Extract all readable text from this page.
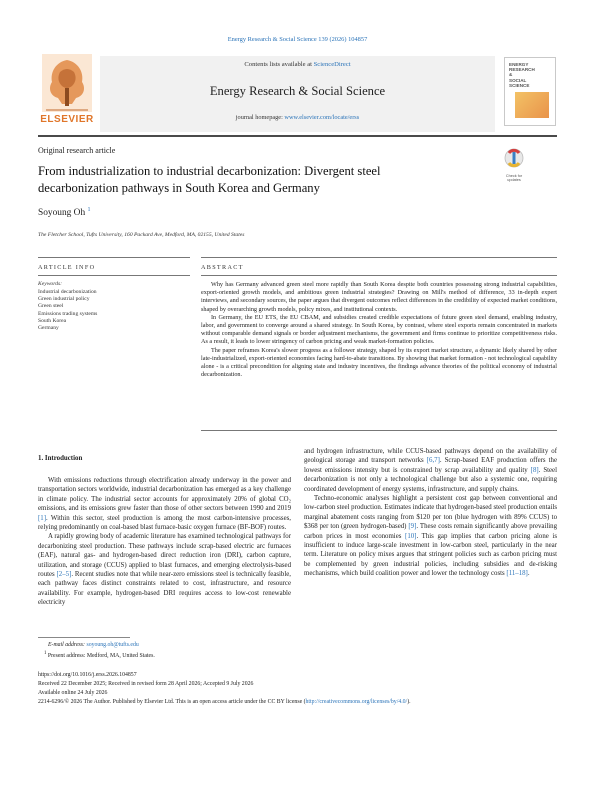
Energy Research & Social Science 139 (2026) 104857
ELSEVIER
Contents lists available at ScienceDirect
Energy Research & Social Science
journal homepage: www.elsevier.com/locate/erss
ENERGY
RESEARCH
&
SOCIAL
SCIENCE
Original research article
From industrialization to industrial decarbonization: Divergent steel
decarbonization pathways in South Korea and Germany
Check for
updates
Soyoung Oh $^1$
The Fletcher School, Tufts University, 160 Packard Ave, Medford, MA, 02155, United States
ARTICLE INFO	ABSTRACT
Keywords:
Industrial decarbonization
Green industrial policy
Green steel
Emissions trading systems
South Korea
Germany

Why has Germany advanced green steel more rapidly than South Korea despite both countries possessing strong industrial capabilities, export-oriented growth models, and ambitious green industrial strategies? Drawing on Mill's method of difference, 33 in-depth expert interviews, and secondary sources, the paper argues that divergent outcomes reflect differences in the credibility of expected market conditions, shaped by overarching growth models, policy mixes, and institutional contexts.

In Germany, the EU ETS, the EU CBAM, and subsidies created credible expectations of future green steel demand, enabling industry, labor, and government to converge around a shared strategy. In South Korea, by contrast, where steel exports remain concentrated in markets without comparable demand signals or border adjustment mechanisms, the government and firms continue to prioritize competitiveness risks. As a result, it leads to lower stringency of carbon pricing and weak market-formation policies.

The paper reframes Korea's slower progress as a follower strategy, shaped by its export market structure, a dynamic likely shared by other late-industrialized, export-oriented economies facing hard-to-abate transitions. By showing that market formation - not technological capability alone - is a critical precondition for aligning state and industry incentives, the findings advance theories of the political economy of industrial decarbonization.

1. Introduction

With emissions reductions through electrification already underway in the power and transportation sectors worldwide, industrial decarbonization has emerged as a key challenge in climate policy. The industrial sector accounts for approximately 20% of global CO₂ emissions, and its emissions grew faster than those of other sectors between 1990 and 2019 [1]. Within this sector, steel production is among the most carbon-intensive processes, relying predominantly on coal-based blast furnace-basic oxygen furnace (BF-BOF) routes.

A rapidly growing body of academic literature has examined technological pathways for decarbonizing steel production. These pathways include scrap-based electric arc furnaces (EAF), natural gas- and hydrogen-based direct reduction iron (DRI), carbon capture, utilization, and storage (CCUS) applied to blast furnaces, and emerging electrolysis-based routes [2–5]. Recent studies note that while near-zero emissions steel is technically feasible, each pathway faces distinct constraints related to cost, infrastructure, and resource availability. For example, hydrogen-based DRI requires access to low-cost renewable electricity

and hydrogen infrastructure, while CCUS-based pathways depend on the availability of geological storage and transport networks [6,7]. Scrap-based EAF production offers the lowest emissions intensity but is constrained by scrap availability and quality [8]. Steel decarbonization is not only a technological challenge but also a systemic one, requiring coordinated development of energy systems, infrastructure, and supply chains.

Techno-economic analyses highlight a persistent cost gap between conventional and low-carbon steel production. Estimates indicate that hydrogen-based steel production entails marginal abatement costs ranging from $120 per ton (blue hydrogen with 89% CCUS) to $368 per ton (green hydrogen-based) [9]. These costs remain significantly above prevailing carbon prices in most economies [10]. This gap implies that carbon pricing alone is insufficient to induce large-scale investment in low-carbon steel, particularly in the near term. Literature on policy mixes argues that stringent policies such as carbon pricing must be complemented by green industrial policies, including subsidies and de-risking mechanisms, which build coalition power and lower the technology costs [11–18].

E-mail address: soyoung.oh@tufts.edu
$^1$ Present address: Medford, MA, United States.
https://doi.org/10.1016/j.erss.2026.104857
Received 22 December 2025; Received in revised form 28 April 2026; Accepted 9 July 2026
Available online 24 July 2026
2214-6296/© 2026 The Author. Published by Elsevier Ltd. This is an open access article under the CC BY license (http://creativecommons.org/licenses/by/4.0/).
